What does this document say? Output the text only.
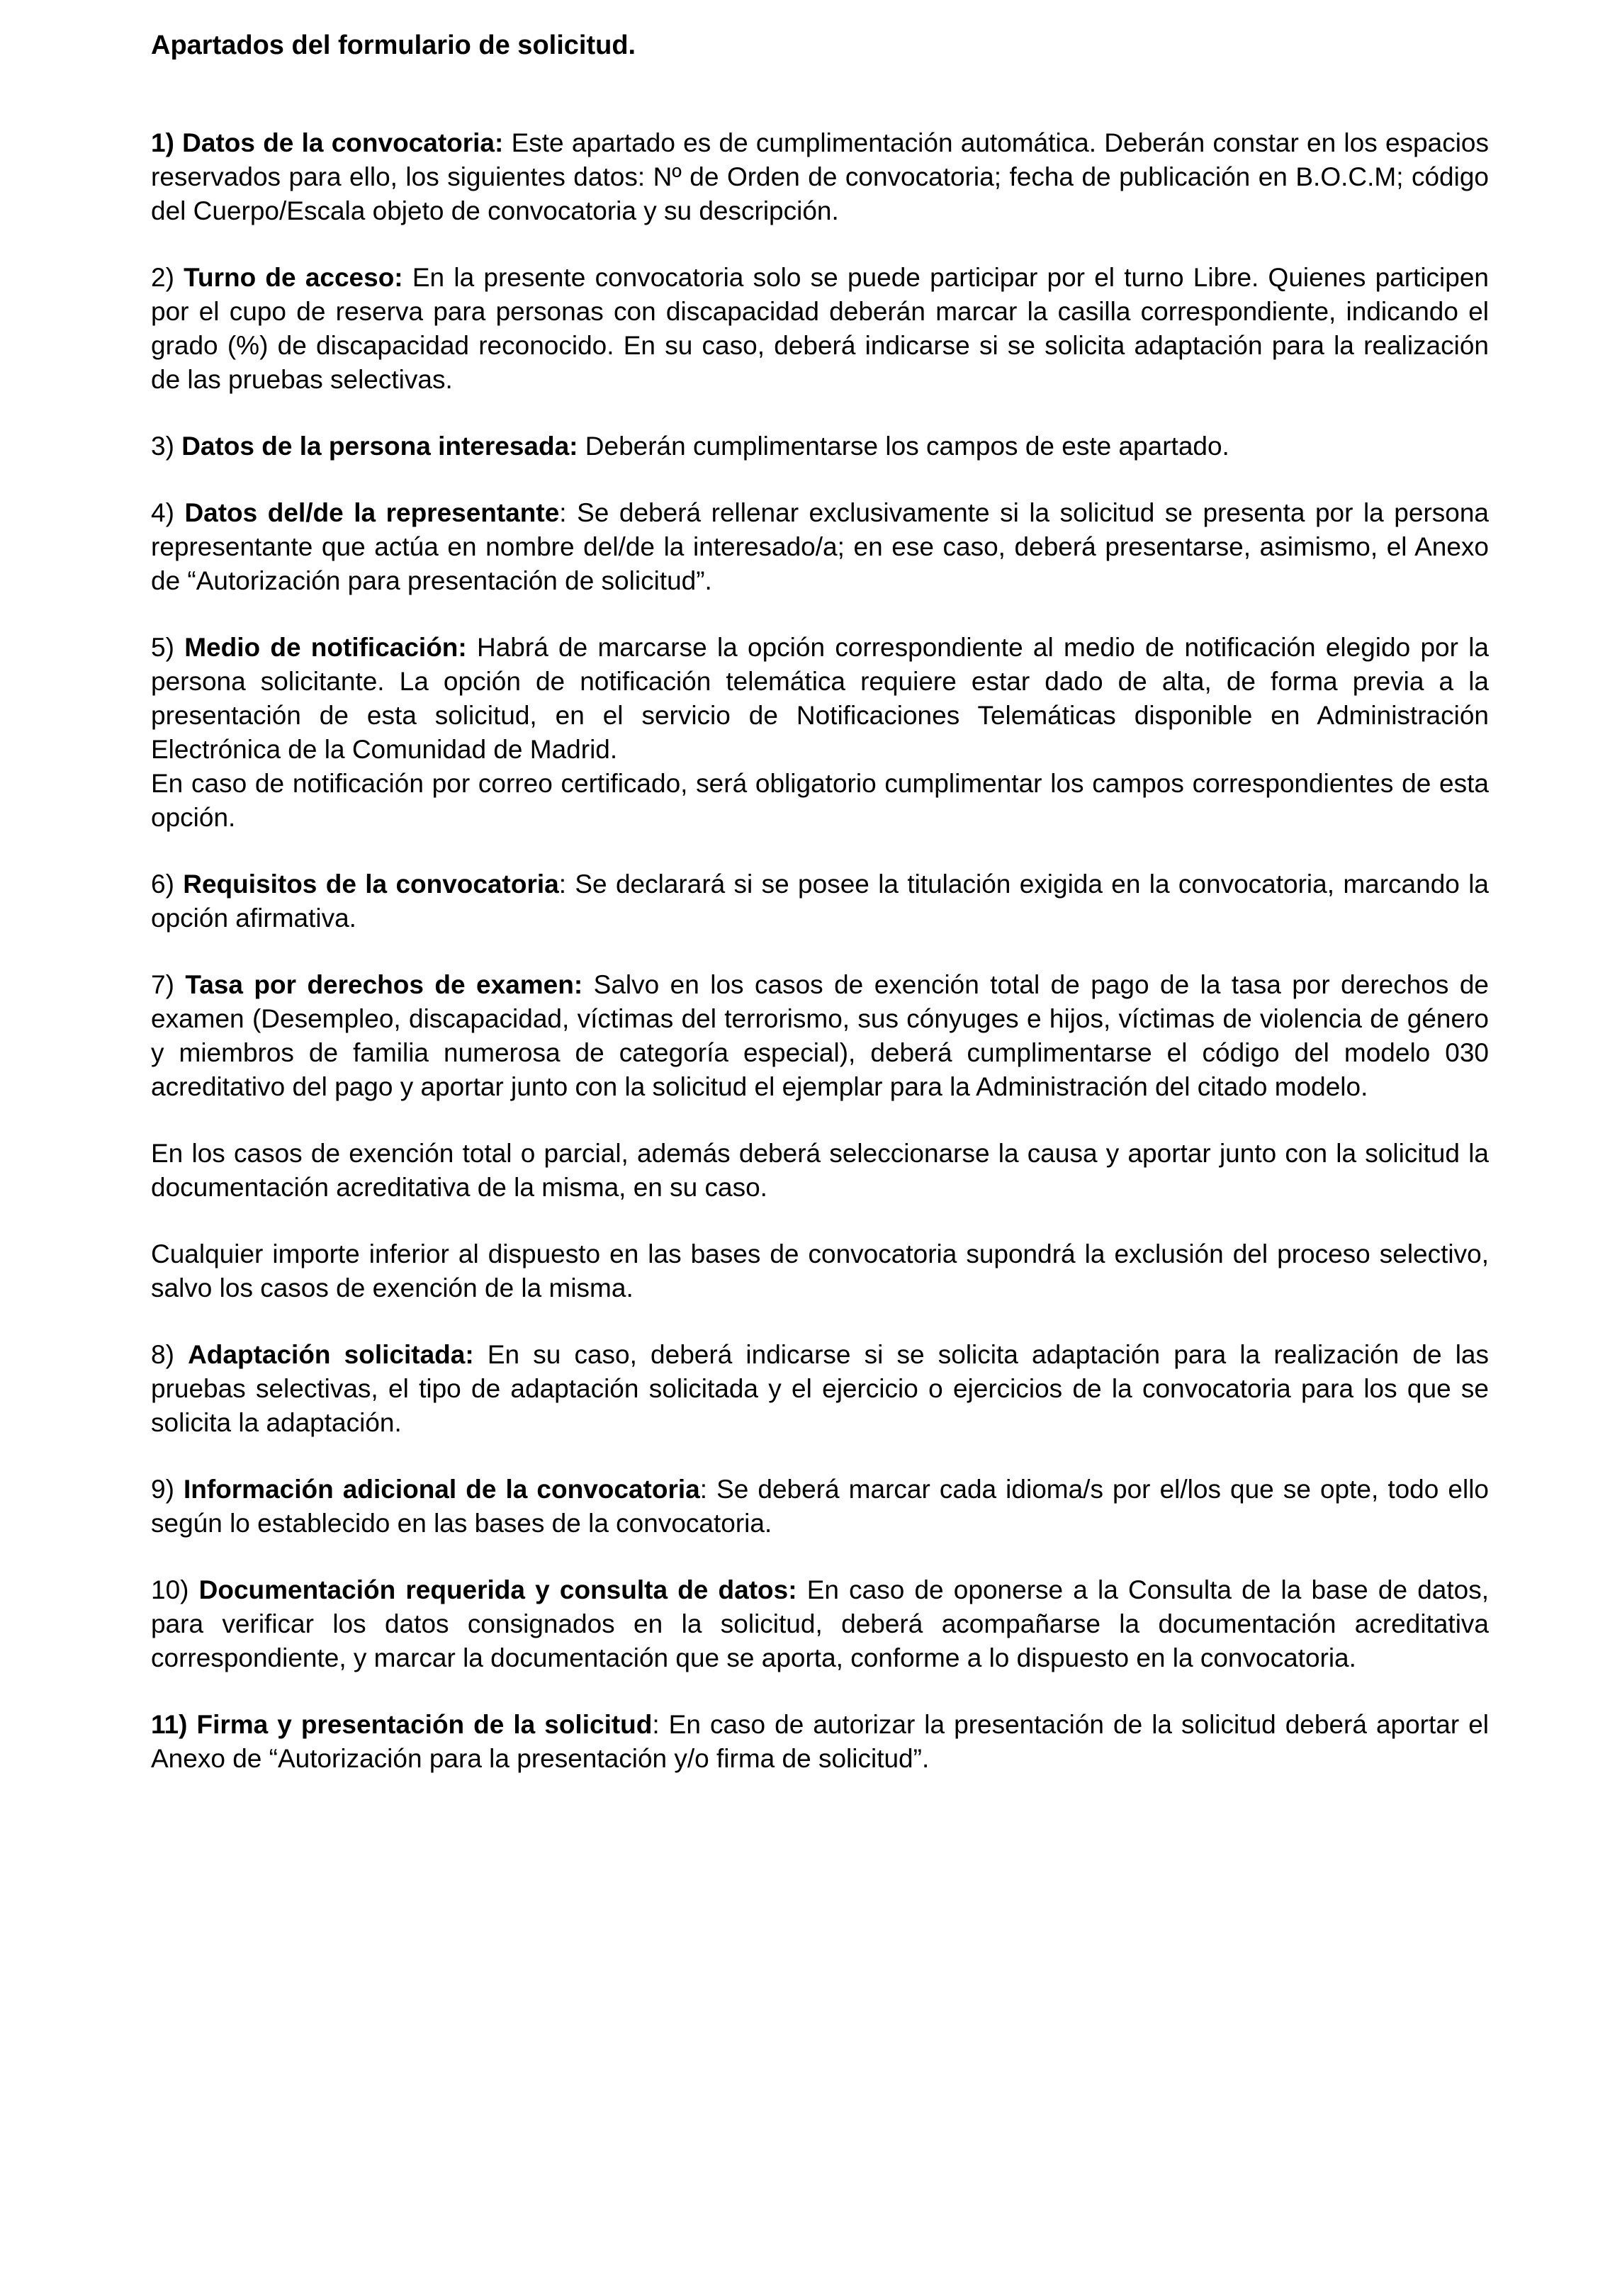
Apartados del formulario de solicitud.

1) Datos de la convocatoria: Este apartado es de cumplimentación automática. Deberán constar en los espacios reservados para ello, los siguientes datos: Nº de Orden de convocatoria; fecha de publicación en B.O.C.M; código del Cuerpo/Escala objeto de convocatoria y su descripción.

2) Turno de acceso: En la presente convocatoria solo se puede participar por el turno Libre. Quienes participen por el cupo de reserva para personas con discapacidad deberán marcar la casilla correspondiente, indicando el grado (%) de discapacidad reconocido. En su caso, deberá indicarse si se solicita adaptación para la realización de las pruebas selectivas.

3) Datos de la persona interesada: Deberán cumplimentarse los campos de este apartado.

4) Datos del/de la representante: Se deberá rellenar exclusivamente si la solicitud se presenta por la persona representante que actúa en nombre del/de la interesado/a; en ese caso, deberá presentarse, asimismo, el Anexo de “Autorización para presentación de solicitud”.

5) Medio de notificación: Habrá de marcarse la opción correspondiente al medio de notificación elegido por la persona solicitante. La opción de notificación telemática requiere estar dado de alta, de forma previa a la presentación de esta solicitud, en el servicio de Notificaciones Telemáticas disponible en Administración Electrónica de la Comunidad de Madrid.

En caso de notificación por correo certificado, será obligatorio cumplimentar los campos correspondientes de esta opción.

6) Requisitos de la convocatoria: Se declarará si se posee la titulación exigida en la convocatoria, marcando la opción afirmativa.

7) Tasa por derechos de examen: Salvo en los casos de exención total de pago de la tasa por derechos de examen (Desempleo, discapacidad, víctimas del terrorismo, sus cónyuges e hijos, víctimas de violencia de género y miembros de familia numerosa de categoría especial), deberá cumplimentarse el código del modelo 030 acreditativo del pago y aportar junto con la solicitud el ejemplar para la Administración del citado modelo.

En los casos de exención total o parcial, además deberá seleccionarse la causa y aportar junto con la solicitud la documentación acreditativa de la misma, en su caso.

Cualquier importe inferior al dispuesto en las bases de convocatoria supondrá la exclusión del proceso selectivo, salvo los casos de exención de la misma.

8) Adaptación solicitada: En su caso, deberá indicarse si se solicita adaptación para la realización de las pruebas selectivas, el tipo de adaptación solicitada y el ejercicio o ejercicios de la convocatoria para los que se solicita la adaptación.

9) Información adicional de la convocatoria: Se deberá marcar cada idioma/s por el/los que se opte, todo ello según lo establecido en las bases de la convocatoria.

10) Documentación requerida y consulta de datos: En caso de oponerse a la Consulta de la base de datos, para verificar los datos consignados en la solicitud, deberá acompañarse la documentación acreditativa correspondiente, y marcar la documentación que se aporta, conforme a lo dispuesto en la convocatoria.

11) Firma y presentación de la solicitud: En caso de autorizar la presentación de la solicitud deberá aportar el Anexo de “Autorización para la presentación y/o firma de solicitud”.
